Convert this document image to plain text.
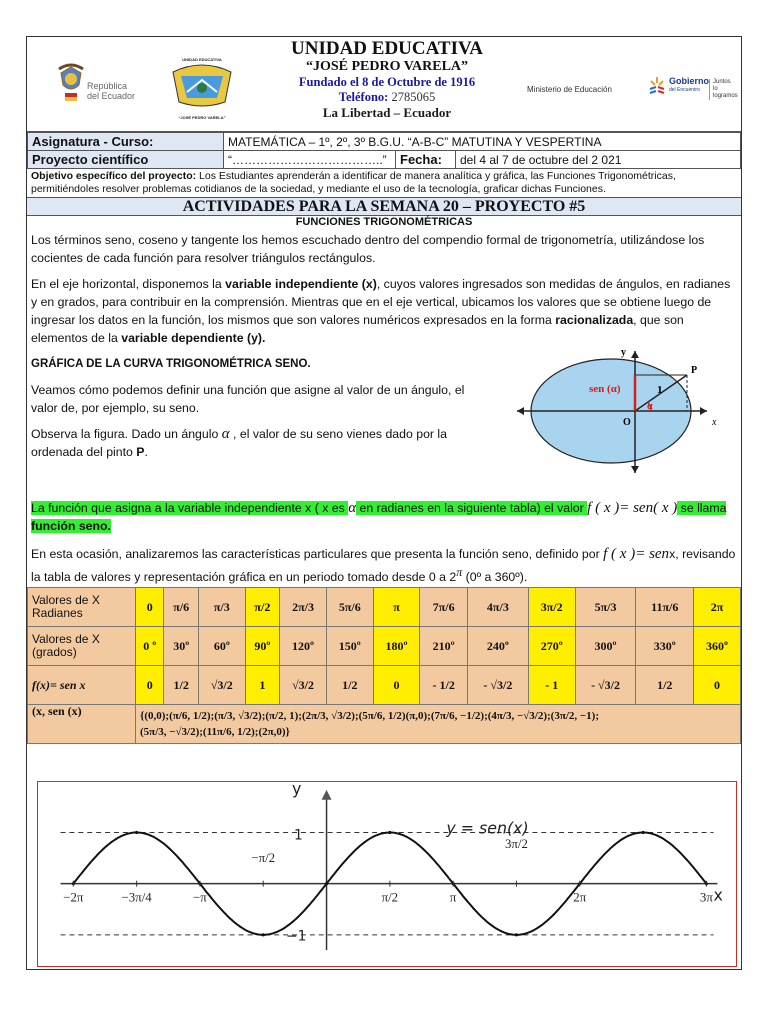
República
del Ecuador
UNIDAD EDUCATIVA
“JOSÉ PEDRO VARELA”
UNIDAD EDUCATIVA
“JOSÉ PEDRO VARELA”
Fundado el 8 de Octubre de 1916
Teléfono: 2785065
La Libertad – Ecuador
Ministerio de Educación
Gobierno
del Encuentro
Juntos
lo logramos
Asignatura - Curso:	MATEMÁTICA – 1º, 2º, 3º B.G.U. “A-B-C” MATUTINA Y VESPERTINA		
Proyecto científico	“………………………………..”	Fecha:	del 4 al 7 de octubre del 2 021
Objetivo específico del proyecto: Los Estudiantes aprenderán a identificar de manera analítica y gráfica, las Funciones Trigonométricas, permitiéndoles resolver problemas cotidianos de la sociedad, y mediante el uso de la tecnología, graficar dichas Funciones.
ACTIVIDADES PARA LA SEMANA 20 – PROYECTO #5
FUNCIONES TRIGONOMÉTRICAS
Los términos seno, coseno y tangente los hemos escuchado dentro del compendio formal de trigonometría, utilizándose los cocientes de cada función para resolver triángulos rectángulos.
En el eje horizontal, disponemos la variable independiente (x), cuyos valores ingresados son medidas de ángulos, en radianes y en grados, para contribuir en la comprensión. Mientras que en el eje vertical, ubicamos los valores que se obtiene luego de ingresar los datos en la función, los mismos que son valores numéricos expresados en la forma racionalizada, que son elementos de la variable dependiente (y).
GRÁFICA DE LA CURVA TRIGONOMÉTRICA SENO.
Veamos cómo podemos definir una función que asigne al valor de un ángulo, el valor de, por ejemplo, su seno.
Observa la figura. Dado un ángulo α , el valor de su seno vienes dado por la ordenada del pinto P.
sen (α)	1
P
O	x
y
α
La función que asigna a la variable independiente x ( x es α en radianes en la siguiente tabla) el valor f ( x )= sen( x ) se llama función seno.
En esta ocasión, analizaremos las características particulares que presenta la función seno, definido por f ( x )= senx, revisando la tabla de valores y representación gráfica en un periodo tomado desde 0 a 2π (0º a 360º).
Valores de X Radianes	0	π/6	π/3	π/2	2π/3	5π/6	π	7π/6	4π/3	3π/2	5π/3	11π/6	2π
Valores de X (grados)	0 º	30º	60º	90º	120º	150º	180º	210º	240º	270º	300º	330º	360º
f(x)= sen x	0	1/2	√3/2	1	√3/2	1/2	0	- 1/2	- √3/2	- 1	- √3/2	1/2	0
(x, sen (x)	{(0,0);(π/6, 1/2);(π/3, √3/2);(π/2, 1);(2π/3, √3/2);(5π/6, 1/2)(π,0);(7π/6, −1/2);(4π/3, −√3/2);(3π/2, −1);
(5π/3, −√3/2);(11π/6, 1/2);(2π,0)}												
−2π	−3π/4	−π
−π/2
π/2	π
3π/2
2π	3π
y = sen(x)
y
x
1
−1
